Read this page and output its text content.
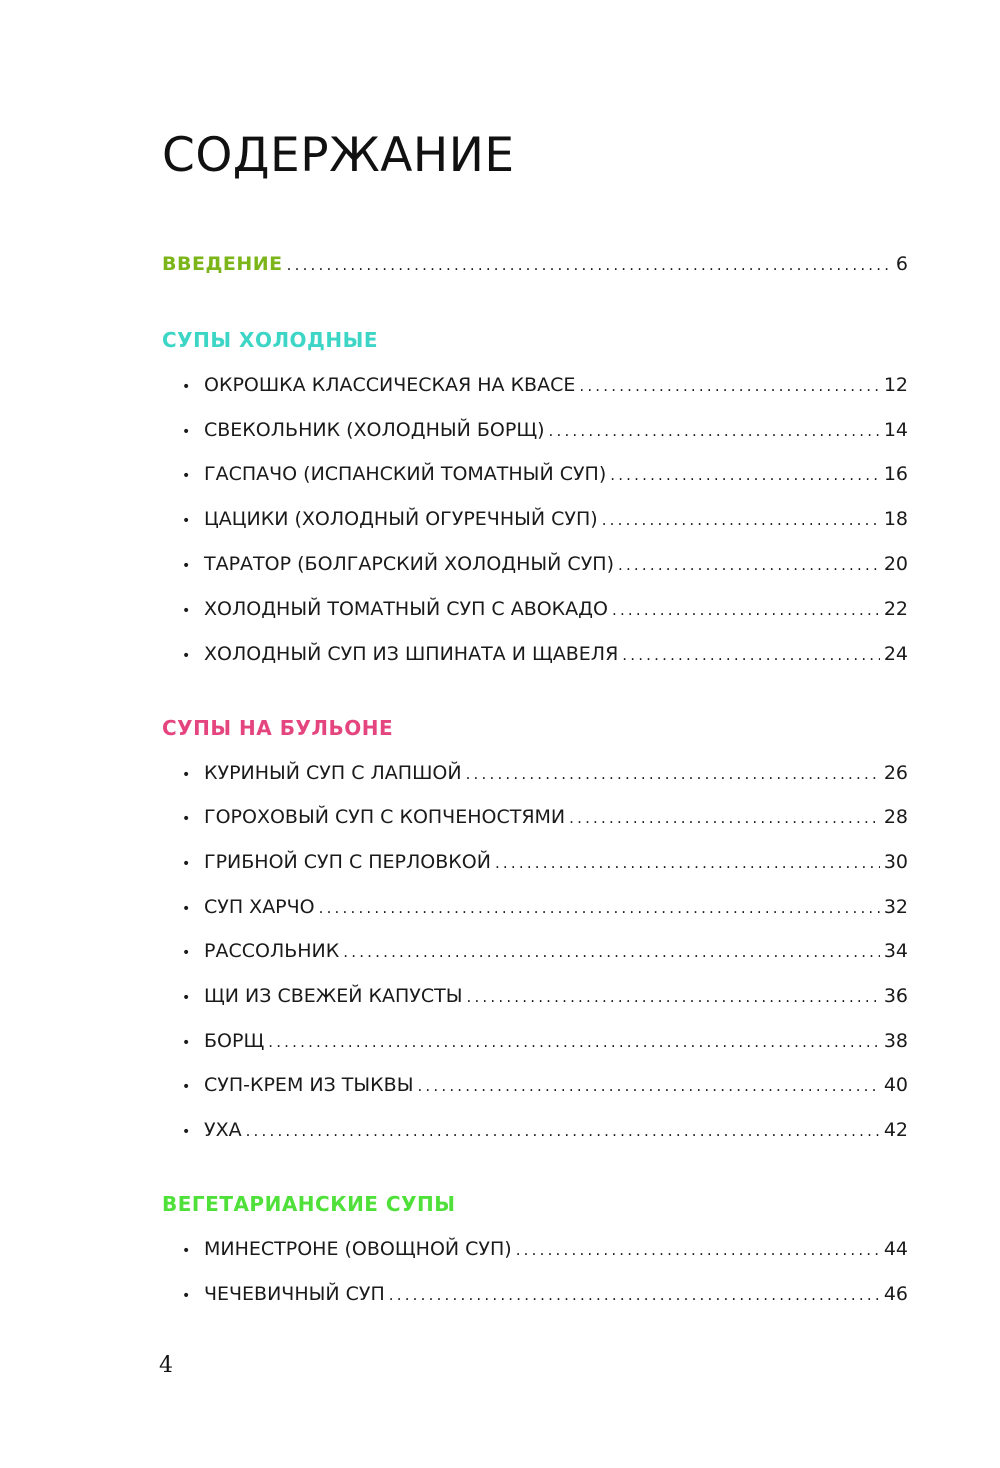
СОДЕРЖАНИЕ
ВВЕДЕНИЕ .....	6
СУПЫ ХОЛОДНЫЕ
• ОКРОШКА КЛАССИЧЕСКАЯ НА КВАСЕ .....	12
• СВЕКОЛЬНИК (ХОЛОДНЫЙ БОРЩ) .....	14
• ГАСПАЧО (ИСПАНСКИЙ ТОМАТНЫЙ СУП) .....	16
• ЦАЦИКИ (ХОЛОДНЫЙ ОГУРЕЧНЫЙ СУП) .....	18
• ТАРАТОР (БОЛГАРСКИЙ ХОЛОДНЫЙ СУП) .....	20
• ХОЛОДНЫЙ ТОМАТНЫЙ СУП С АВОКАДО .....	22
• ХОЛОДНЫЙ СУП ИЗ ШПИНАТА И ЩАВЕЛЯ .....	24
СУПЫ НА БУЛЬОНЕ
• КУРИНЫЙ СУП С ЛАПШОЙ .....	26
• ГОРОХОВЫЙ СУП С КОПЧЕНОСТЯМИ .....	28
• ГРИБНОЙ СУП С ПЕРЛОВКОЙ .....	30
• СУП ХАРЧО .....	32
• РАССОЛЬНИК .....	34
• ЩИ ИЗ СВЕЖЕЙ КАПУСТЫ .....	36
• БОРЩ .....	38
• СУП-КРЕМ ИЗ ТЫКВЫ .....	40
• УХА .....	42
ВЕГЕТАРИАНСКИЕ СУПЫ
• МИНЕСТРОНЕ (ОВОЩНОЙ СУП) .....	44
• ЧЕЧЕВИЧНЫЙ СУП .....	46
4
